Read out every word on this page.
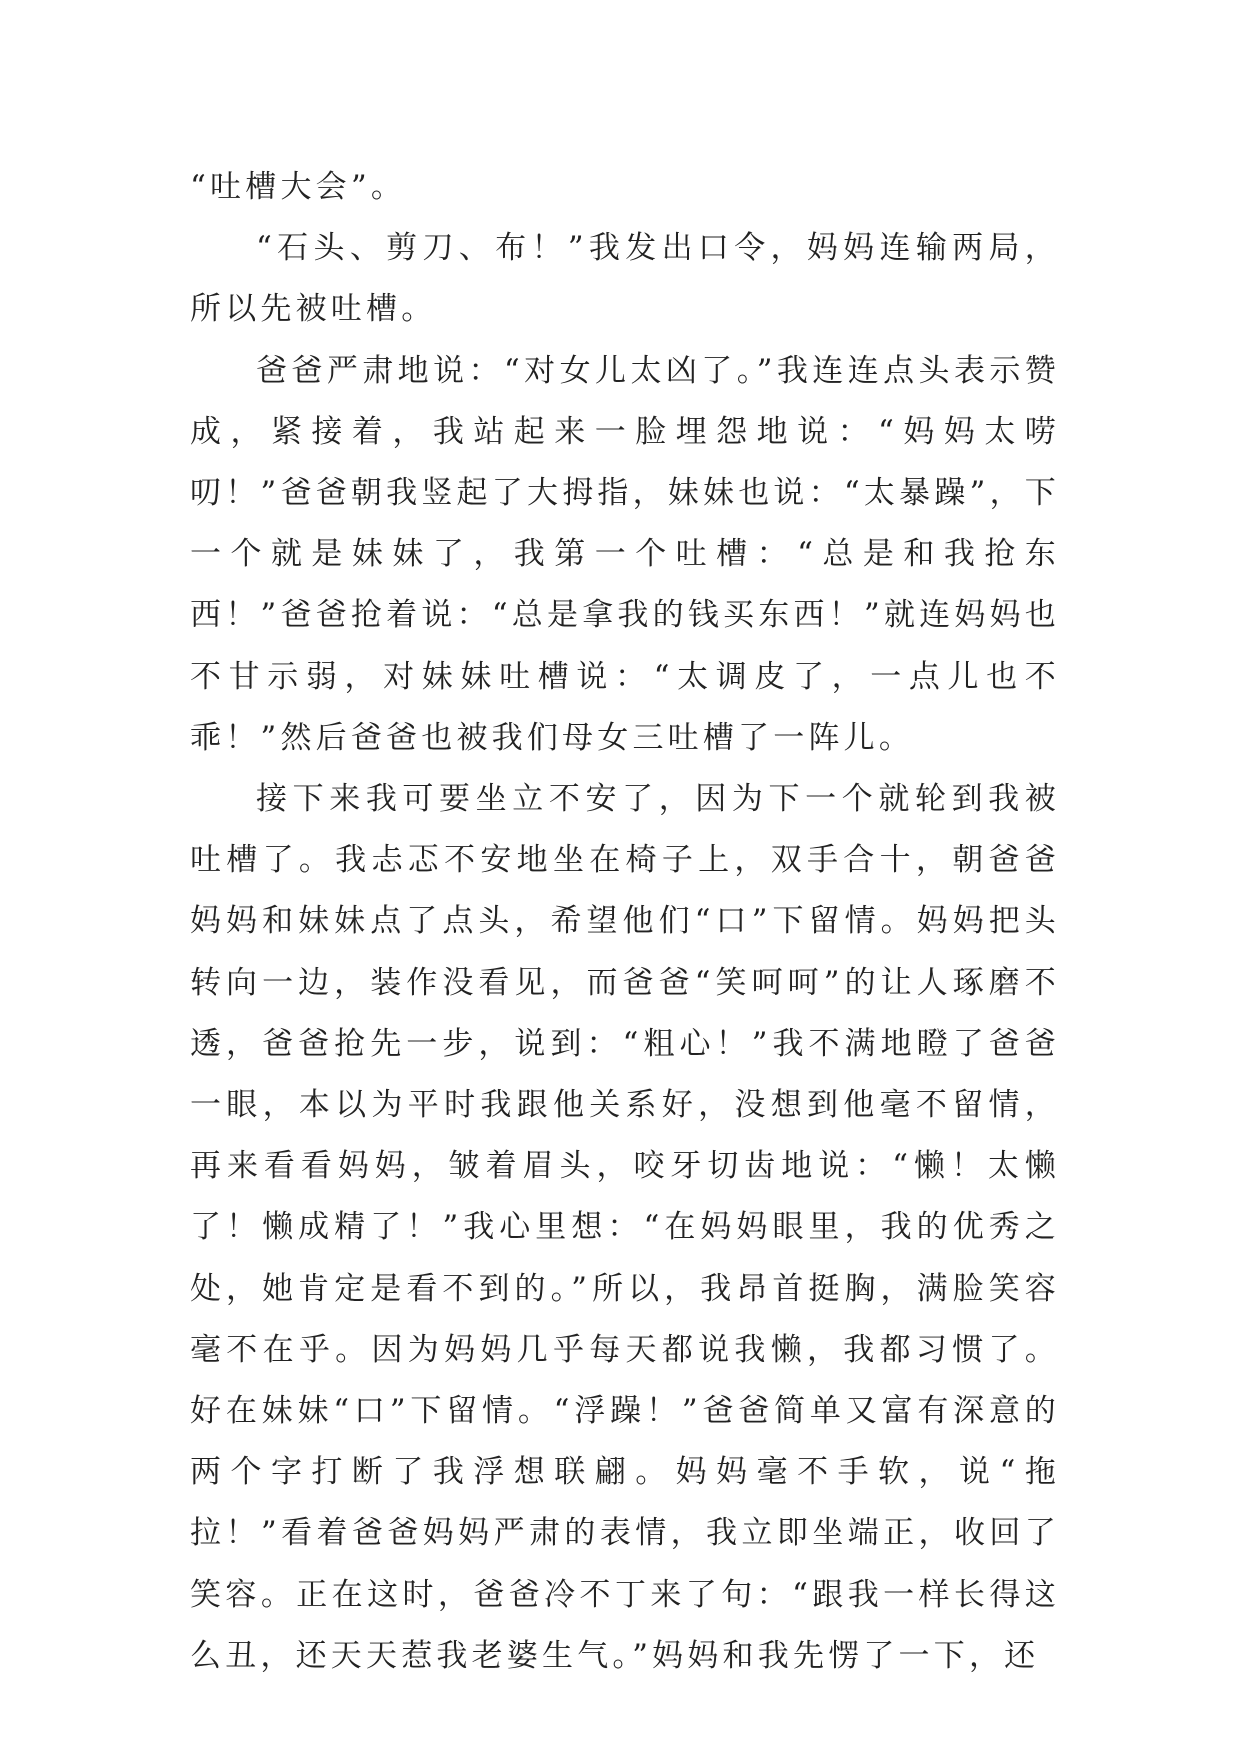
“吐槽大会”。

“石头、剪刀、布！”我发出口令，妈妈连输两局，所以先被吐槽。

爸爸严肃地说：“对女儿太凶了。”我连连点头表示赞成，紧接着，我站起来一脸埋怨地说：“妈妈太唠叨！”爸爸朝我竖起了大拇指，妹妹也说：“太暴躁”，下一个就是妹妹了，我第一个吐槽：“总是和我抢东西！”爸爸抢着说：“总是拿我的钱买东西！”就连妈妈也不甘示弱，对妹妹吐槽说：“太调皮了，一点儿也不乖！”然后爸爸也被我们母女三吐槽了一阵儿。

接下来我可要坐立不安了，因为下一个就轮到我被吐槽了。我忐忑不安地坐在椅子上，双手合十，朝爸爸妈妈和妹妹点了点头，希望他们“口”下留情。妈妈把头转向一边，装作没看见，而爸爸“笑呵呵”的让人琢磨不透，爸爸抢先一步，说到：“粗心！”我不满地瞪了爸爸一眼，本以为平时我跟他关系好，没想到他毫不留情，再来看看妈妈，皱着眉头，咬牙切齿地说：“懒！太懒了！懒成精了！”我心里想：“在妈妈眼里，我的优秀之处，她肯定是看不到的。”所以，我昂首挺胸，满脸笑容毫不在乎。因为妈妈几乎每天都说我懒，我都习惯了。好在妹妹“口”下留情。“浮躁！”爸爸简单又富有深意的两个字打断了我浮想联翩。妈妈毫不手软，说“拖拉！”看着爸爸妈妈严肃的表情，我立即坐端正，收回了笑容。正在这时，爸爸冷不丁来了句：“跟我一样长得这么丑，还天天惹我老婆生气。”妈妈和我先愣了一下，还
